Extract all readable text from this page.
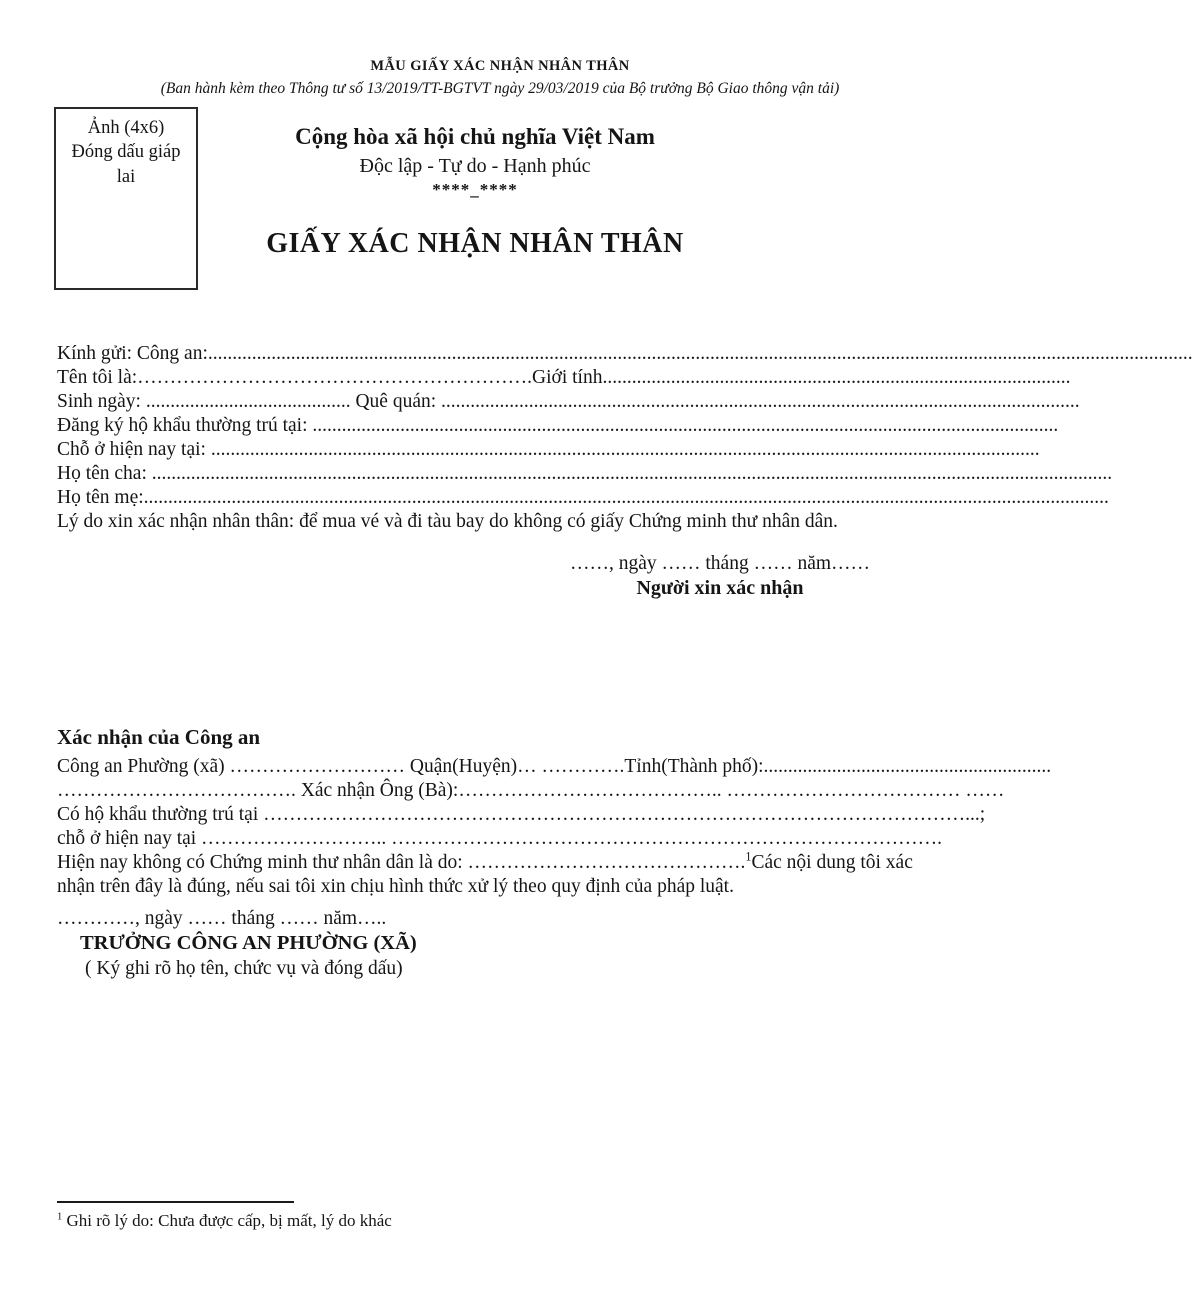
MẪU GIẤY XÁC NHẬN NHÂN THÂN
(Ban hành kèm theo Thông tư số 13/2019/TT-BGTVT ngày 29/03/2019 của Bộ trưởng Bộ Giao thông vận tải)
Ảnh (4x6)
Đóng dấu giáp
lai
Cộng hòa xã hội chủ nghĩa Việt Nam
Độc lập - Tự do - Hạnh phúc
****_****
GIẤY XÁC NHẬN NHÂN THÂN
Kính gửi: Công an:..........................................................................................................................................................................................................
Tên tôi là:…………………………………………………….Giới tính................................................................................................
Sinh ngày: .......................................... Quê quán: ...................................................................................................................................
Đăng ký hộ khẩu thường trú tại: .........................................................................................................................................................
Chỗ ở hiện nay tại: ..........................................................................................................................................................................
Họ tên cha: .....................................................................................................................................................................................................
Họ tên mẹ:......................................................................................................................................................................................................
Lý do xin xác nhận nhân thân: để mua vé và đi tàu bay do không có giấy Chứng minh thư nhân dân.
……, ngày …… tháng …… năm……
Người xin xác nhận
Xác nhận của Công an
Công an Phường (xã) ……………………… Quận(Huyện)… ………….Tỉnh(Thành phố):...........................................................
………………………………. Xác nhận Ông (Bà):………………………………….. ……………………………… ……
Có hộ khẩu thường trú tại ………………………………………………………………………………………………...;
chỗ ở hiện nay tại ……………………….. ………………………………………………………………………….
Hiện nay không có Chứng minh thư nhân dân là do: …………………………………….$^1$Các nội dung tôi xác
nhận trên đây là đúng, nếu sai tôi xin chịu hình thức xử lý theo quy định của pháp luật.
…………, ngày …… tháng …… năm…..
TRƯỞNG CÔNG AN PHƯỜNG (XÃ)
( Ký ghi rõ họ tên, chức vụ và đóng dấu)
$^1$ Ghi rõ lý do: Chưa được cấp, bị mất, lý do khác
